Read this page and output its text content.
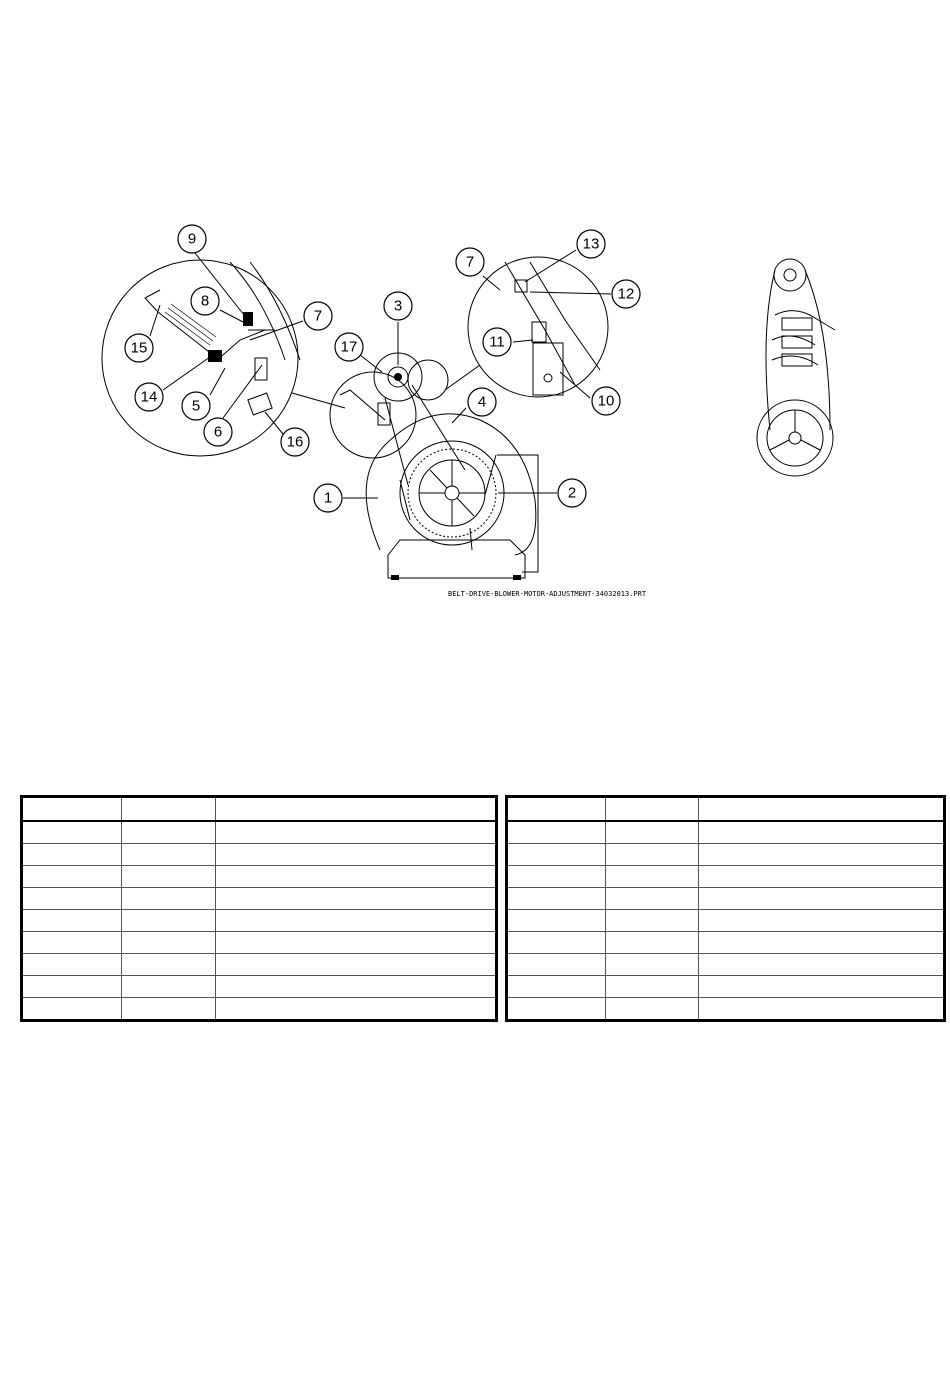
9
8
7
15
14
5
6
16
3
17
7
13
12
11
10
4
1	2
BELT-DRIVE-BLOWER-MOTOR-ADJUSTMENT-34032013.PRT
